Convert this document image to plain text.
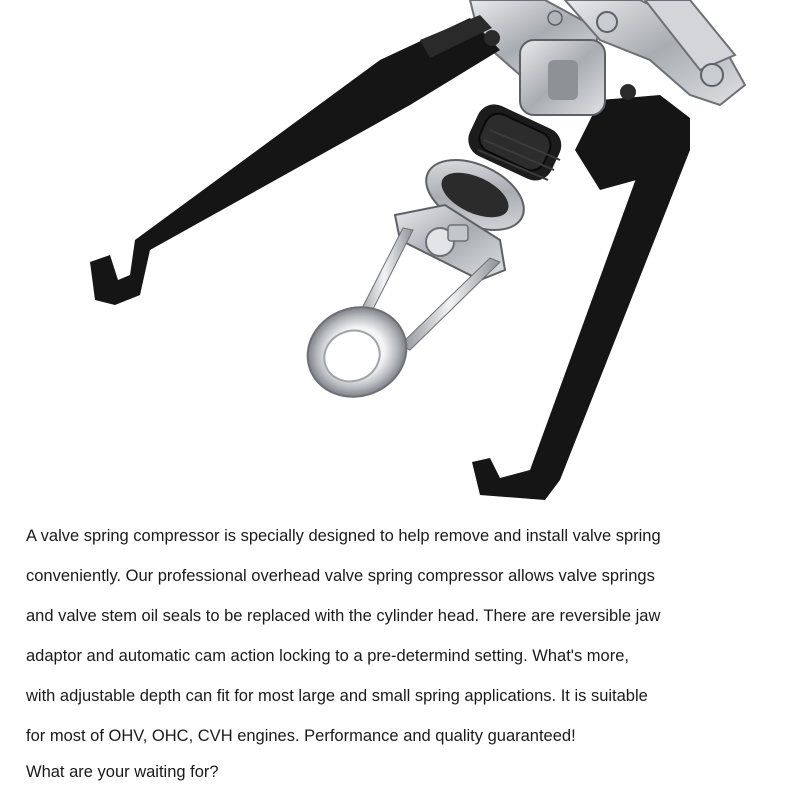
A valve spring compressor is specially designed to help remove and install valve spring
conveniently. Our professional overhead valve spring compressor allows valve springs
and valve stem oil seals to be replaced with the cylinder head. There are reversible jaw
adaptor and automatic cam action locking to a pre-determind setting. What's more,
with adjustable depth can fit for most large and small spring applications. It is suitable
for most of OHV, OHC, CVH engines. Performance and quality guaranteed!
What are your waiting for?
